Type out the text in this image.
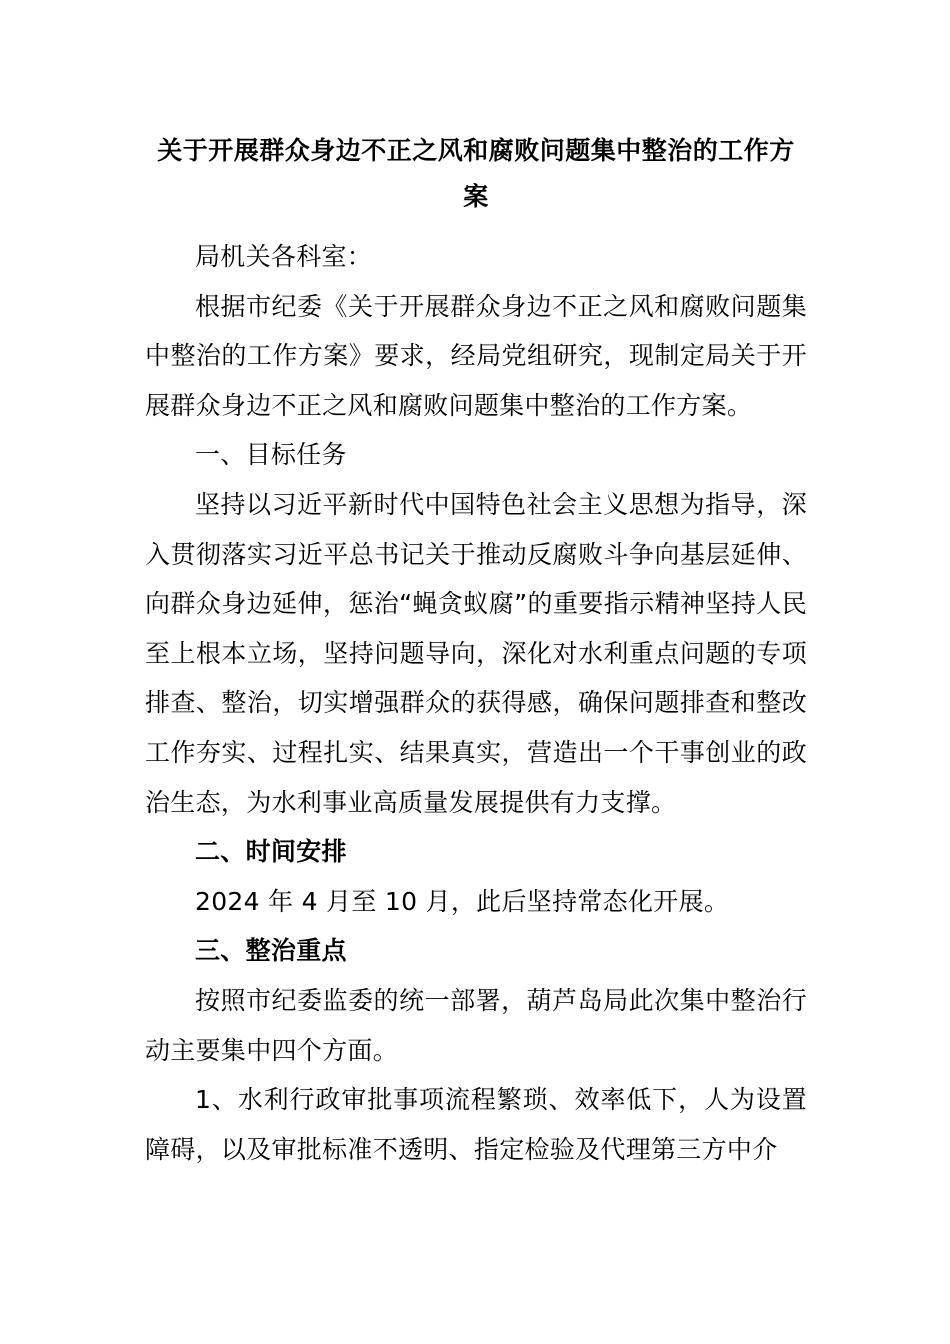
关于开展群众身边不正之风和腐败问题集中整治的工作方案

局机关各科室：

根据市纪委《关于开展群众身边不正之风和腐败问题集中整治的工作方案》要求，经局党组研究，现制定局关于开展群众身边不正之风和腐败问题集中整治的工作方案。

一、目标任务

坚持以习近平新时代中国特色社会主义思想为指导，深入贯彻落实习近平总书记关于推动反腐败斗争向基层延伸、向群众身边延伸，惩治“蝇贪蚁腐”的重要指示精神坚持人民至上根本立场，坚持问题导向，深化对水利重点问题的专项排查、整治，切实增强群众的获得感，确保问题排查和整改工作夯实、过程扎实、结果真实，营造出一个干事创业的政治生态，为水利事业高质量发展提供有力支撑。

二、时间安排

2024 年 4 月至 10 月，此后坚持常态化开展。

三、整治重点

按照市纪委监委的统一部署，葫芦岛局此次集中整治行动主要集中四个方面。

1、水利行政审批事项流程繁琐、效率低下，人为设置障碍，以及审批标准不透明、指定检验及代理第三方中介
